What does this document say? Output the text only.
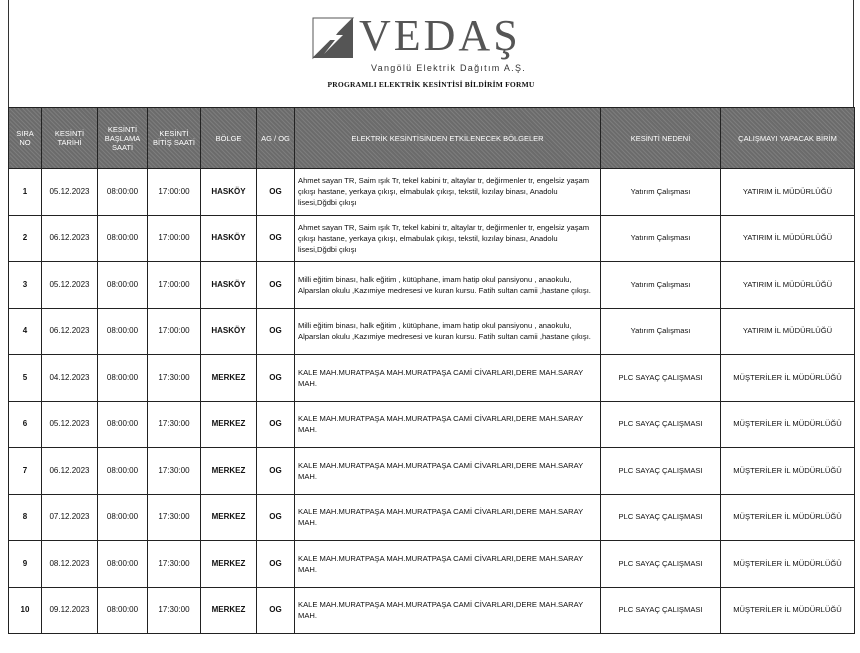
VEDAŞ
Vangölü Elektrik Dağıtım A.Ş.
PROGRAMLI ELEKTRİK KESİNTİSİ BİLDİRİM FORMU
SIRA NO	KESİNTİ TARİHİ	KESİNTİ BAŞLAMA SAATİ	KESİNTİ BİTİŞ SAATİ	BÖLGE	AG / OG	ELEKTRİK KESİNTİSİNDEN ETKİLENECEK BÖLGELER	KESİNTİ NEDENİ	ÇALIŞMAYI YAPACAK BİRİM
1	05.12.2023	08:00:00	17:00:00	HASKÖY	OG	Ahmet sayan TR, Saim ışık Tr, tekel kabini tr, altaylar tr, değirmenler tr, engelsiz yaşam çıkışı hastane, yerkaya çıkışı, elmabulak çıkışı, tekstil, kızılay binası, Anadolu lisesi,Dğdbi çıkışı	Yatırım Çalışması	YATIRIM İL MÜDÜRLÜĞÜ
2	06.12.2023	08:00:00	17:00:00	HASKÖY	OG	Ahmet sayan TR, Saim ışık Tr, tekel kabini tr, altaylar tr, değirmenler tr, engelsiz yaşam çıkışı hastane, yerkaya çıkışı, elmabulak çıkışı, tekstil, kızılay binası, Anadolu lisesi,Dğdbi çıkışı	Yatırım Çalışması	YATIRIM İL MÜDÜRLÜĞÜ
3	05.12.2023	08:00:00	17:00:00	HASKÖY	OG	Milli eğitim binası, halk eğitim , kütüphane, imam hatip okul pansiyonu , anaokulu, Alparslan okulu ,Kazımiye medresesi ve kuran kursu. Fatih sultan camii ,hastane çıkışı.	Yatırım Çalışması	YATIRIM İL MÜDÜRLÜĞÜ
4	06.12.2023	08:00:00	17:00:00	HASKÖY	OG	Milli eğitim binası, halk eğitim , kütüphane, imam hatip okul pansiyonu , anaokulu, Alparslan okulu ,Kazımiye medresesi ve kuran kursu. Fatih sultan camii ,hastane çıkışı.	Yatırım Çalışması	YATIRIM İL MÜDÜRLÜĞÜ
5	04.12.2023	08:00:00	17:30:00	MERKEZ	OG	KALE MAH.MURATPAŞA MAH.MURATPAŞA CAMİ CİVARLARI,DERE MAH.SARAY MAH.	PLC SAYAÇ ÇALIŞMASI	MÜŞTERİLER İL MÜDÜRLÜĞÜ
6	05.12.2023	08:00:00	17:30:00	MERKEZ	OG	KALE MAH.MURATPAŞA MAH.MURATPAŞA CAMİ CİVARLARI,DERE MAH.SARAY MAH.	PLC SAYAÇ ÇALIŞMASI	MÜŞTERİLER İL MÜDÜRLÜĞÜ
7	06.12.2023	08:00:00	17:30:00	MERKEZ	OG	KALE MAH.MURATPAŞA MAH.MURATPAŞA CAMİ CİVARLARI,DERE MAH.SARAY MAH.	PLC SAYAÇ ÇALIŞMASI	MÜŞTERİLER İL MÜDÜRLÜĞÜ
8	07.12.2023	08:00:00	17:30:00	MERKEZ	OG	KALE MAH.MURATPAŞA MAH.MURATPAŞA CAMİ CİVARLARI,DERE MAH.SARAY MAH.	PLC SAYAÇ ÇALIŞMASI	MÜŞTERİLER İL MÜDÜRLÜĞÜ
9	08.12.2023	08:00:00	17:30:00	MERKEZ	OG	KALE MAH.MURATPAŞA MAH.MURATPAŞA CAMİ CİVARLARI,DERE MAH.SARAY MAH.	PLC SAYAÇ ÇALIŞMASI	MÜŞTERİLER İL MÜDÜRLÜĞÜ
10	09.12.2023	08:00:00	17:30:00	MERKEZ	OG	KALE MAH.MURATPAŞA MAH.MURATPAŞA CAMİ CİVARLARI,DERE MAH.SARAY MAH.	PLC SAYAÇ ÇALIŞMASI	MÜŞTERİLER İL MÜDÜRLÜĞÜ
